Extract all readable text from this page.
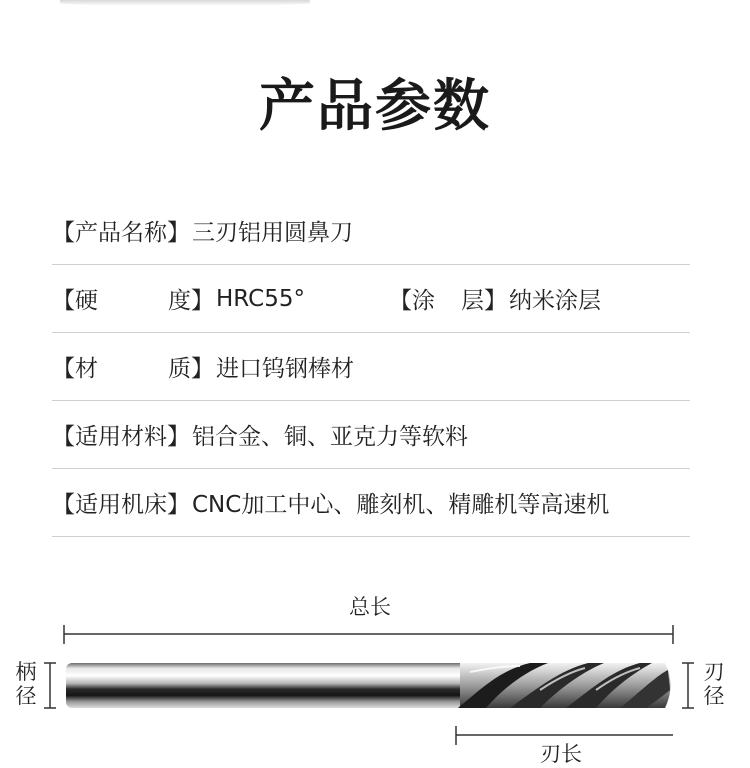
产品参数
【产品名称】 三刃铝用圆鼻刀
【 硬	度 】 HRC55°	【 涂 层 】 纳米涂层
【 材	质 】 进口钨钢棒材
【适用材料】 铝合金、铜、亚克力等软料
【适用机床】 CNC加工中心、雕刻机、精雕机等高速机
总长
柄径
刃径
刃长
